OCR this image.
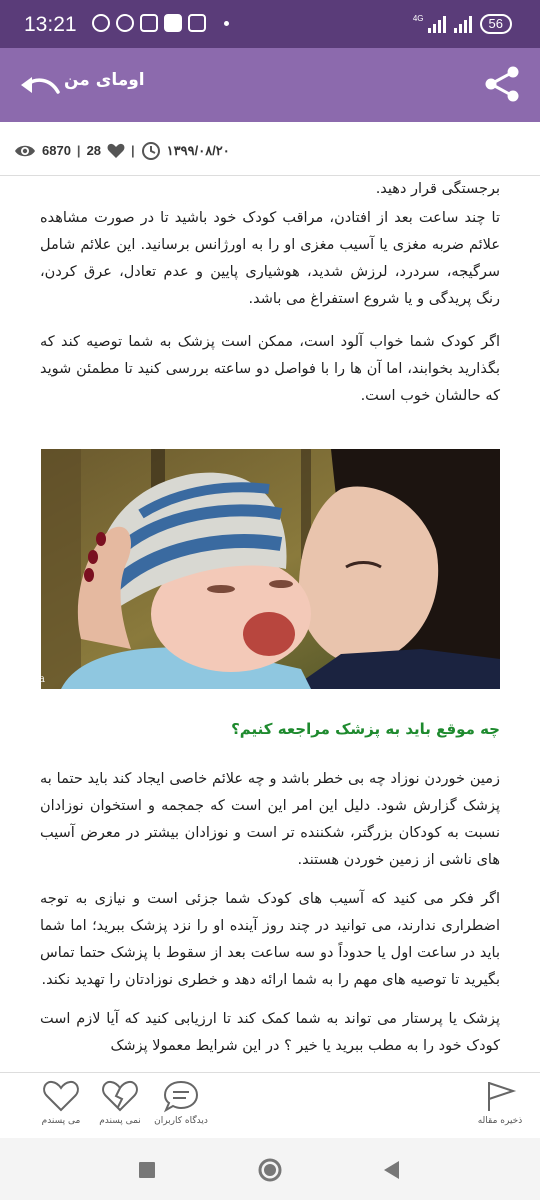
13:21	4G	56
اومای من
6870 | 28 | ۱۳۹۹/۰۸/۲۰

برجستگی قرار دهید.

تا چند ساعت بعد از افتادن، مراقب کودک خود باشید تا در صورت مشاهده علائم ضربه مغزی یا آسیب مغزی او را به اورژانس برسانید. این علائم شامل سرگیجه، سردرد، لرزش شدید، هوشیاری پایین و عدم تعادل، عرق کردن، رنگ پریدگی و یا شروع استفراغ می باشد.

اگر کودک شما خواب آلود است، ممکن است پزشک به شما توصیه کند که بگذارید بخوابند، اما آن ها را با فواصل دو ساعته بررسی کنید تا مطمئن شوید که حالشان خوب است.

ooma
چه موقع باید به پزشک مراجعه کنیم؟

زمین خوردن نوزاد چه بی خطر باشد و چه علائم خاصی ایجاد کند باید حتما به پزشک گزارش شود. دلیل این امر این است که جمجمه و استخوان نوزادان نسبت به کودکان بزرگتر، شکننده تر است و نوزادان بیشتر در معرض آسیب های ناشی از زمین خوردن هستند.

اگر فکر می کنید که آسیب های کودک شما جزئی است و نیازی به توجه اضطراری ندارند، می توانید در چند روز آینده او را نزد پزشک ببرید؛ اما شما باید در ساعت اول یا حدوداً دو سه ساعت بعد از سقوط با پزشک حتما تماس بگیرید تا توصیه های مهم را به شما ارائه دهد و خطری نوزادتان را تهدید نکند.

پزشک یا پرستار می تواند به شما کمک کند تا ارزیابی کنید که آیا لازم است کودک خود را به مطب ببرید یا خیر ؟ در این شرایط معمولا پزشک

می پسندم	نمی پسندم	دیدگاه کاربران	ذخیره مقاله
